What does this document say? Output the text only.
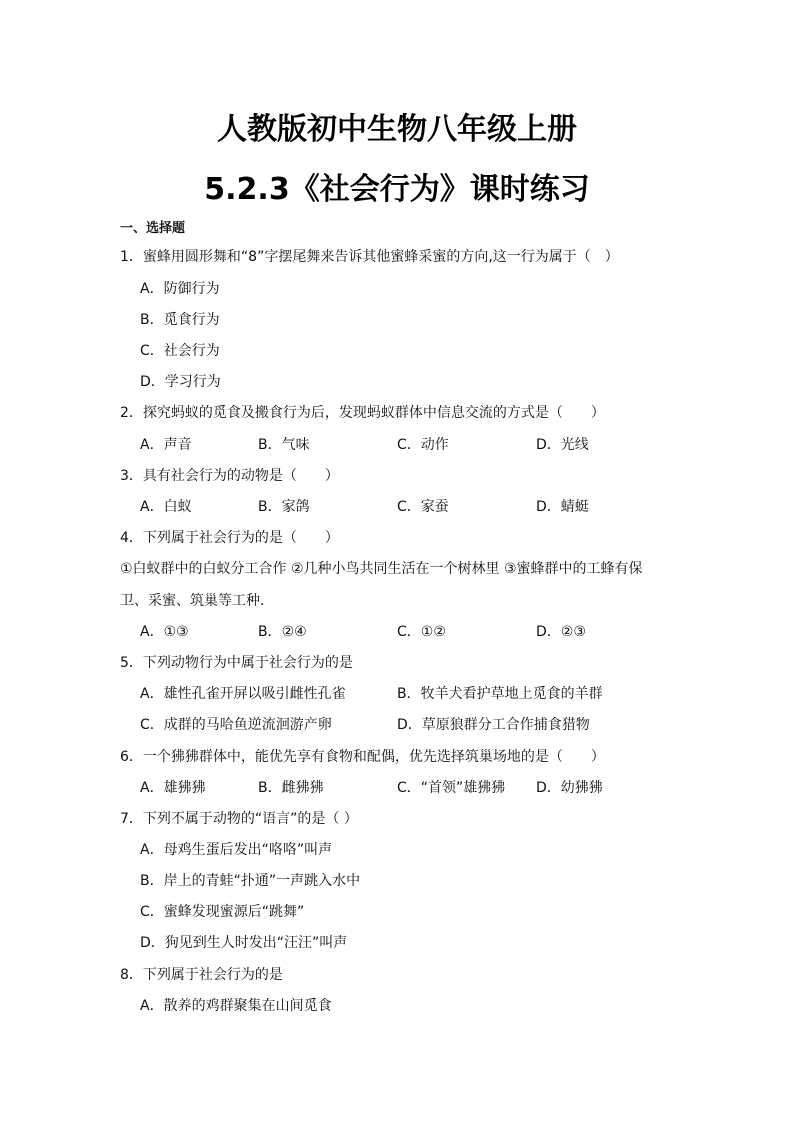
人教版初中生物八年级上册
5.2.3《社会行为》课时练习
一、选择题
1．蜜蜂用圆形舞和“8”字摆尾舞来告诉其他蜜蜂采蜜的方向,这一行为属于（　）
A．防御行为
B．觅食行为
C．社会行为
D．学习行为
2．探究蚂蚁的觅食及搬食行为后，发现蚂蚁群体中信息交流的方式是（　　）
A．声音	B．气味	C．动作	D．光线
3．具有社会行为的动物是（　　）
A．白蚁	B．家鸽	C．家蚕	D．蜻蜓
4．下列属于社会行为的是（　　）
①白蚁群中的白蚁分工合作 ②几种小鸟共同生活在一个树林里 ③蜜蜂群中的工蜂有保
卫、采蜜、筑巢等工种.
A．①③	B．②④	C．①②	D．②③
5．下列动物行为中属于社会行为的是
A．雄性孔雀开屏以吸引雌性孔雀	B．牧羊犬看护草地上觅食的羊群
C．成群的马哈鱼逆流洄游产卵	D．草原狼群分工合作捕食猎物
6．一个狒狒群体中，能优先享有食物和配偶，优先选择筑巢场地的是（　　）
A．雄狒狒	B．雌狒狒	C．“首领”雄狒狒 D．幼狒狒
7．下列不属于动物的“语言”的是（ ）
A．母鸡生蛋后发出“咯咯”叫声
B．岸上的青蛙“扑通”一声跳入水中
C．蜜蜂发现蜜源后“跳舞”
D．狗见到生人时发出“汪汪”叫声
8．下列属于社会行为的是
A．散养的鸡群聚集在山间觅食
